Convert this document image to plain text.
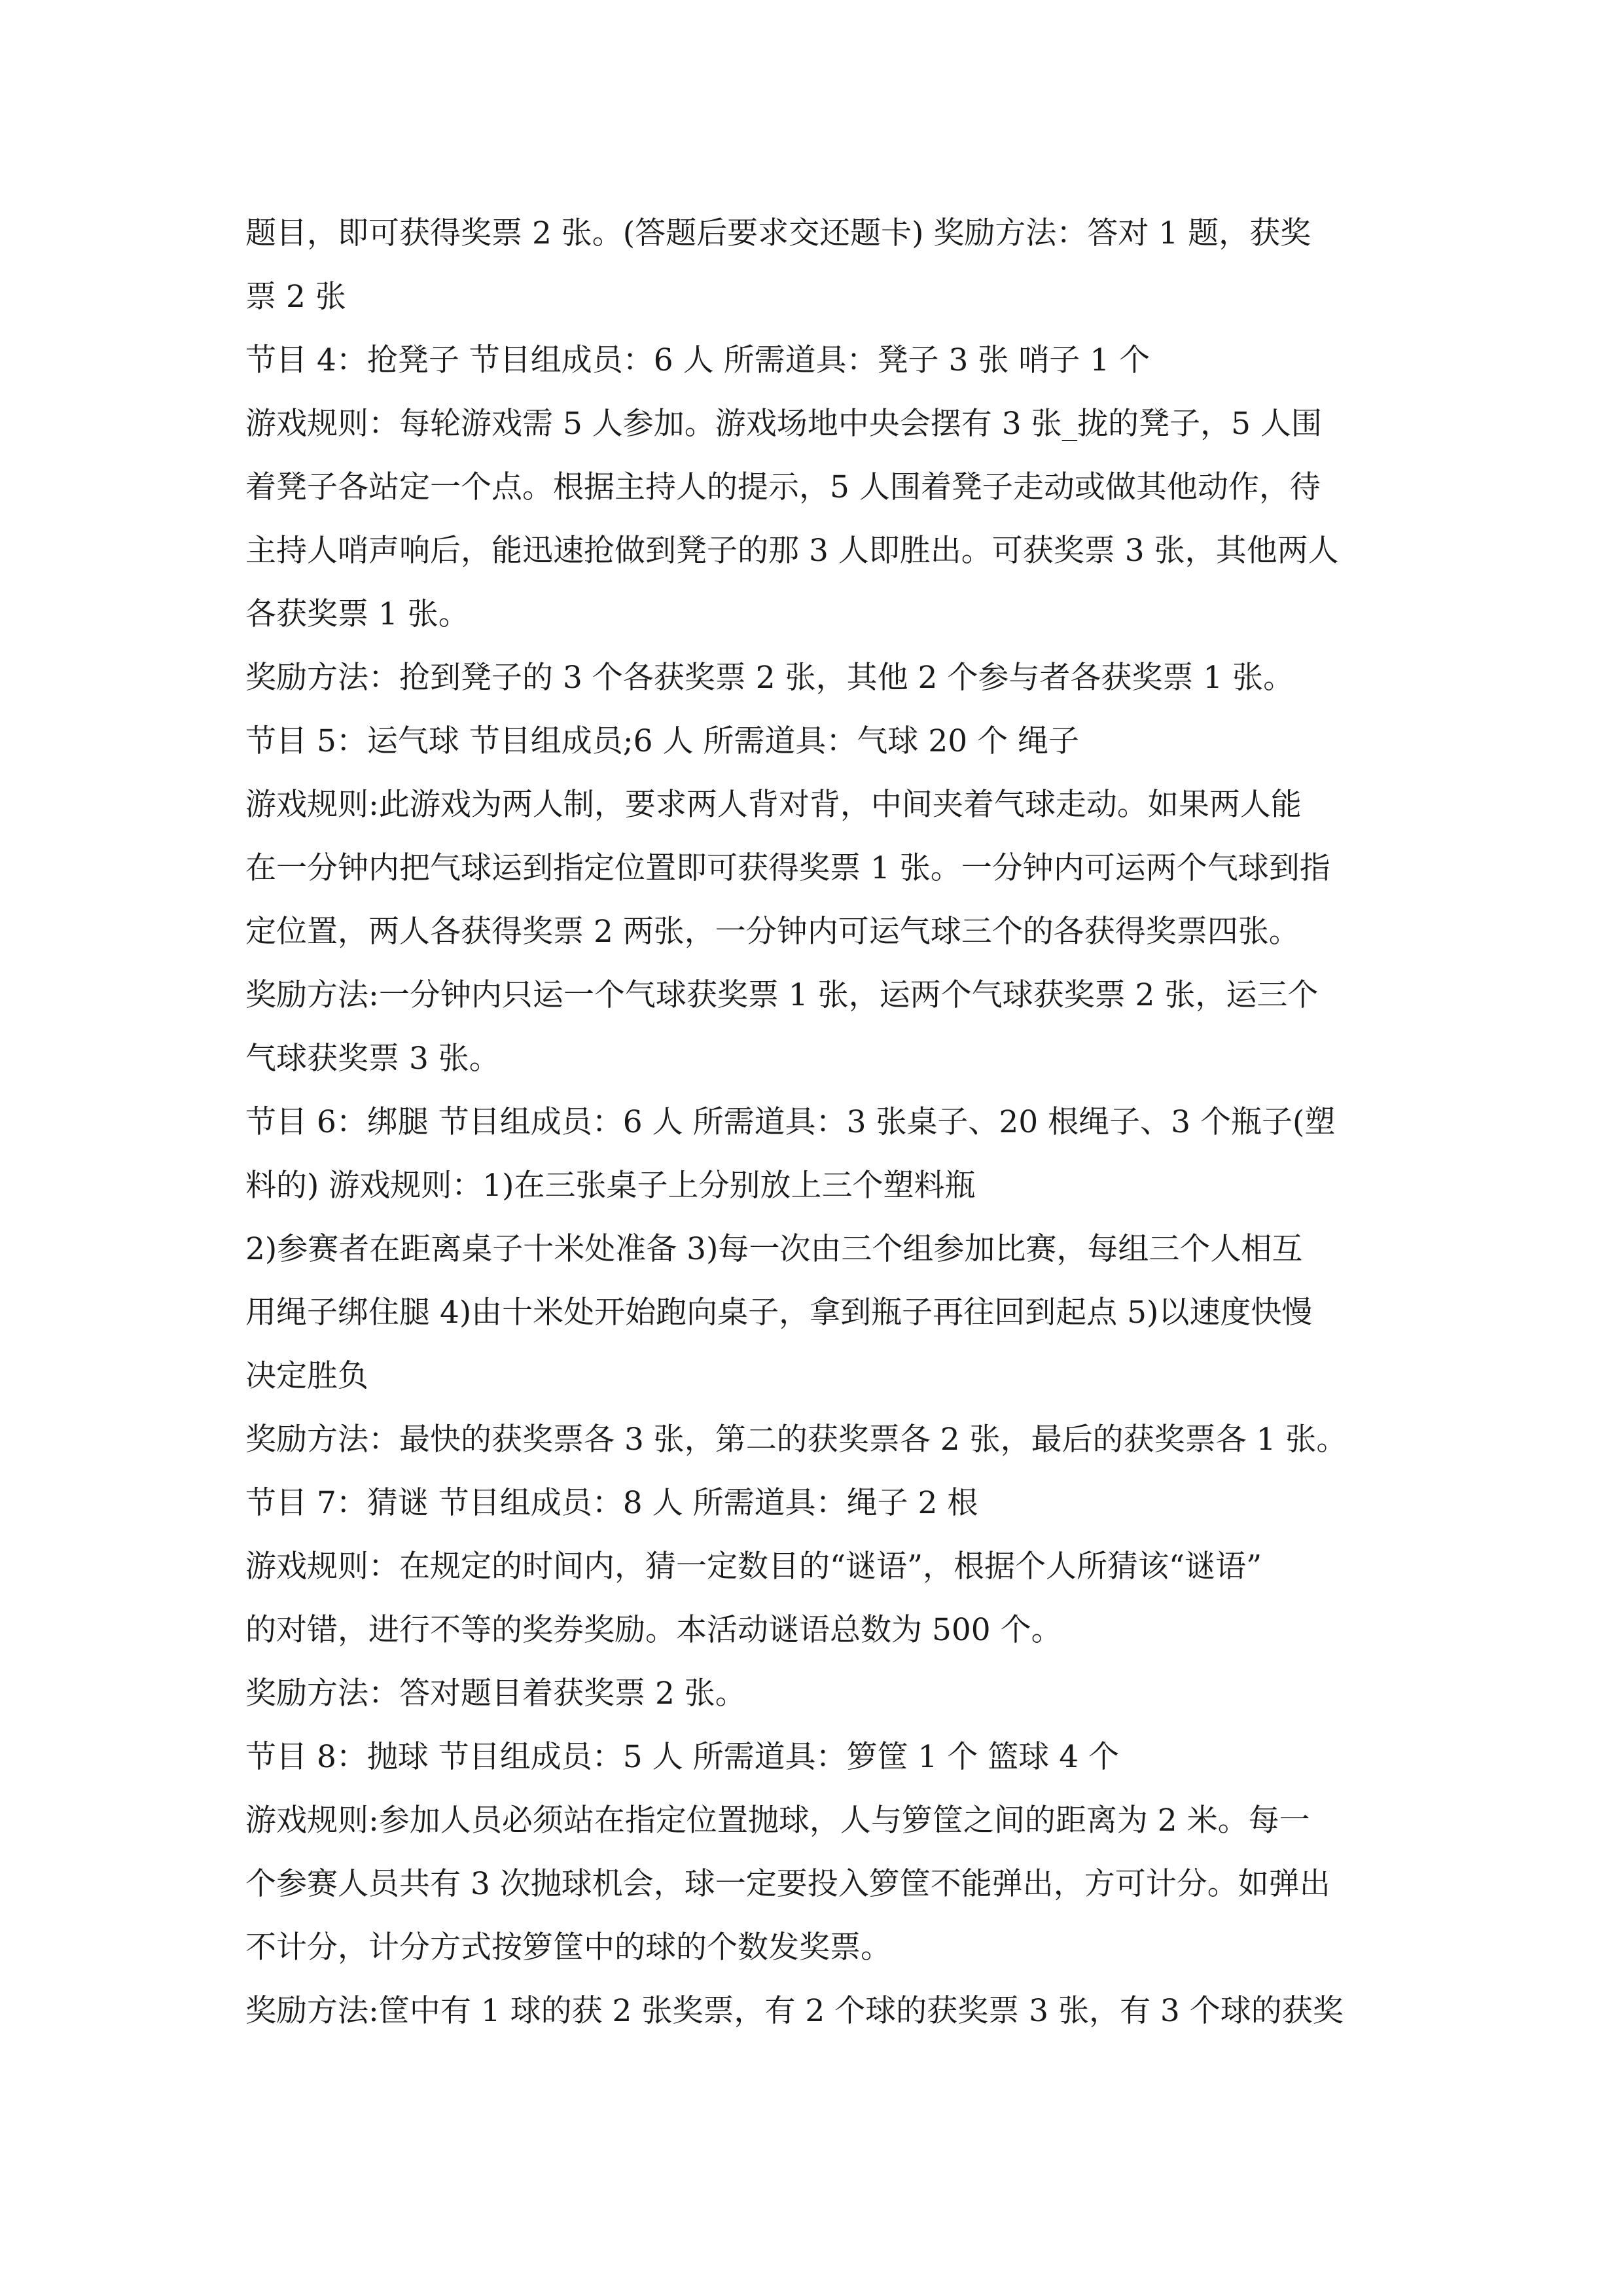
题目，即可获得奖票 2 张。(答题后要求交还题卡) 奖励方法：答对 1 题，获奖
票 2 张
节目 4：抢凳子 节目组成员：6 人 所需道具：凳子 3 张 哨子 1 个
游戏规则：每轮游戏需 5 人参加。游戏场地中央会摆有 3 张_拢的凳子，5 人围
着凳子各站定一个点。根据主持人的提示，5 人围着凳子走动或做其他动作，待
主持人哨声响后，能迅速抢做到凳子的那 3 人即胜出。可获奖票 3 张，其他两人
各获奖票 1 张。
奖励方法：抢到凳子的 3 个各获奖票 2 张，其他 2 个参与者各获奖票 1 张。
节目 5：运气球 节目组成员;6 人 所需道具：气球 20 个 绳子
游戏规则:此游戏为两人制，要求两人背对背，中间夹着气球走动。如果两人能
在一分钟内把气球运到指定位置即可获得奖票 1 张。一分钟内可运两个气球到指
定位置，两人各获得奖票 2 两张，一分钟内可运气球三个的各获得奖票四张。
奖励方法:一分钟内只运一个气球获奖票 1 张，运两个气球获奖票 2 张，运三个
气球获奖票 3 张。
节目 6：绑腿 节目组成员：6 人 所需道具：3 张桌子、20 根绳子、3 个瓶子(塑
料的) 游戏规则：1)在三张桌子上分别放上三个塑料瓶
2)参赛者在距离桌子十米处准备 3)每一次由三个组参加比赛，每组三个人相互
用绳子绑住腿 4)由十米处开始跑向桌子，拿到瓶子再往回到起点 5)以速度快慢
决定胜负
奖励方法：最快的获奖票各 3 张，第二的获奖票各 2 张，最后的获奖票各 1 张。
节目 7：猜谜 节目组成员：8 人 所需道具：绳子 2 根
游戏规则：在规定的时间内，猜一定数目的“谜语”，根据个人所猜该“谜语”
的对错，进行不等的奖券奖励。本活动谜语总数为 500 个。
奖励方法：答对题目着获奖票 2 张。
节目 8：抛球 节目组成员：5 人 所需道具：箩筐 1 个 篮球 4 个
游戏规则:参加人员必须站在指定位置抛球，人与箩筐之间的距离为 2 米。每一
个参赛人员共有 3 次抛球机会，球一定要投入箩筐不能弹出，方可计分。如弹出
不计分，计分方式按箩筐中的球的个数发奖票。
奖励方法:筐中有 1 球的获 2 张奖票，有 2 个球的获奖票 3 张，有 3 个球的获奖
